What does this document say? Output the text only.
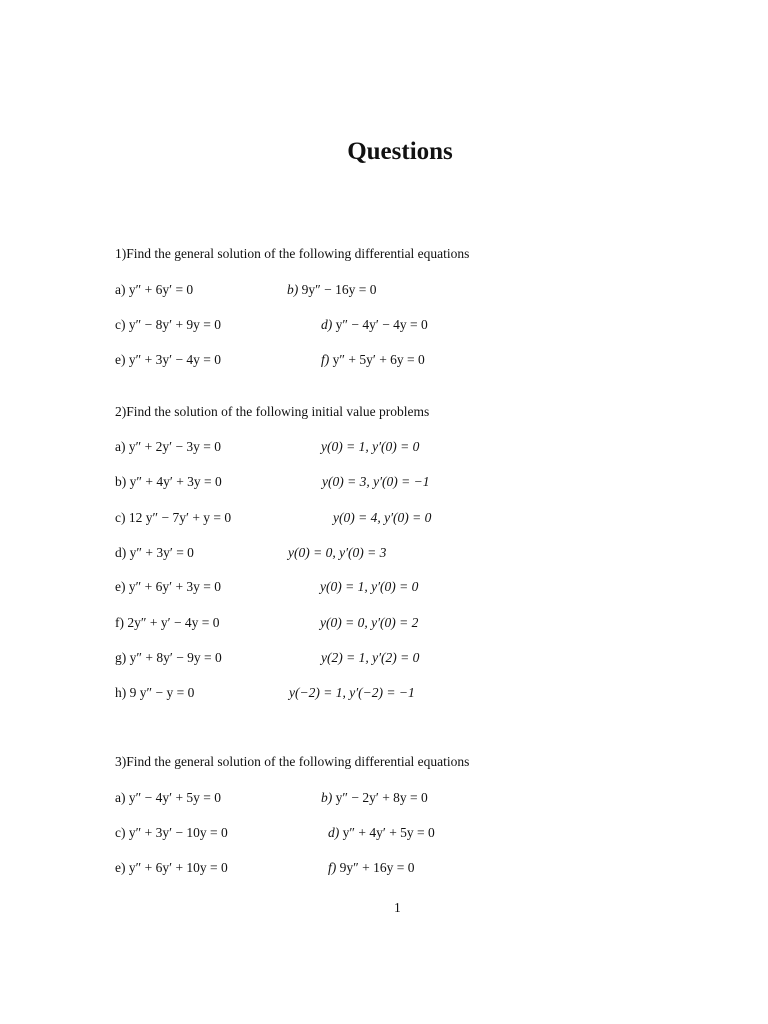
Questions
1)Find the general solution of the following differential equations
a) y″ + 6y′ = 0	b) 9y″ − 16y = 0
c) y″ − 8y′ + 9y = 0	d) y″ − 4y′ − 4y = 0
e) y″ + 3y′ − 4y = 0	f) y″ + 5y′ + 6y = 0
2)Find the solution of the following initial value problems
a) y″ + 2y′ − 3y = 0	y(0) = 1, y′(0) = 0
b) y″ + 4y′ + 3y = 0	y(0) = 3, y′(0) = −1
c) 12 y″ − 7y′ + y = 0	y(0) = 4, y′(0) = 0
d) y″ + 3y′ = 0	y(0) = 0, y′(0) = 3
e) y″ + 6y′ + 3y = 0	y(0) = 1, y′(0) = 0
f) 2y″ + y′ − 4y = 0	y(0) = 0, y′(0) = 2
g) y″ + 8y′ − 9y = 0	y(2) = 1, y′(2) = 0
h) 9 y″ − y = 0	y(−2) = 1, y′(−2) = −1
3)Find the general solution of the following differential equations
a) y″ − 4y′ + 5y = 0	b) y″ − 2y′ + 8y = 0
c) y″ + 3y′ − 10y = 0	d) y″ + 4y′ + 5y = 0
e) y″ + 6y′ + 10y = 0	f) 9y″ + 16y = 0
1
